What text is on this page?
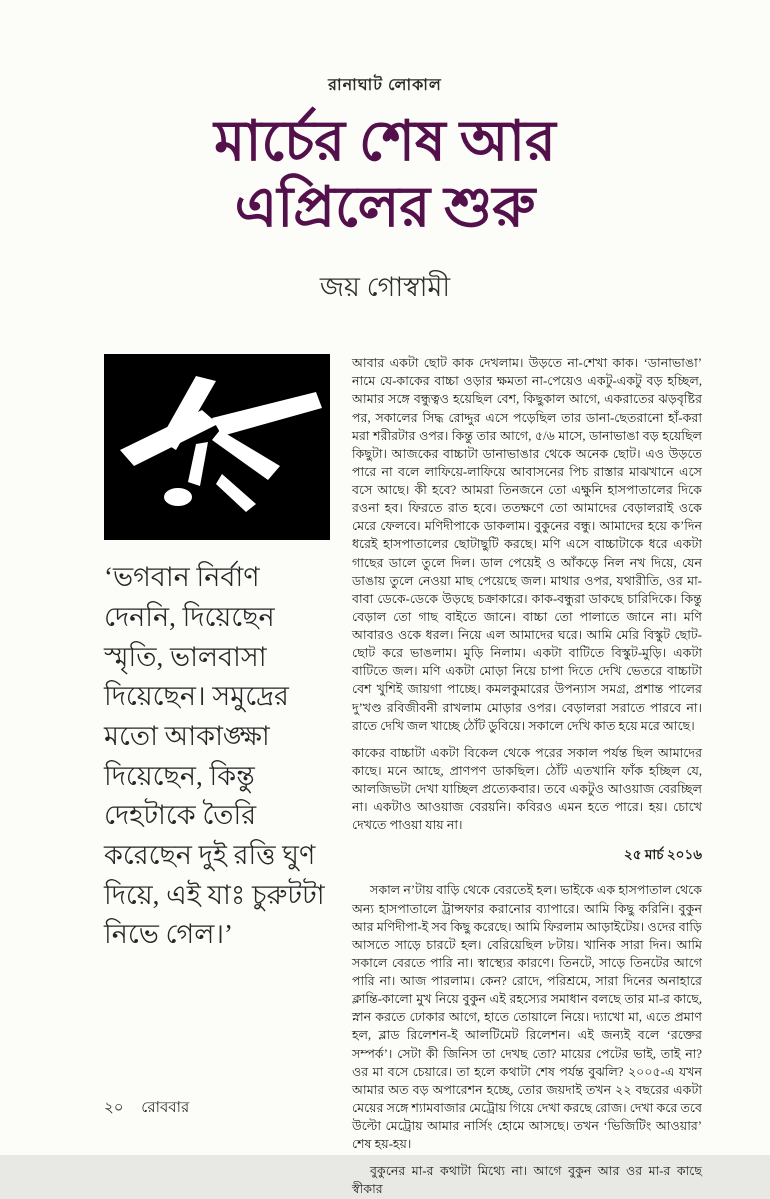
রানাঘাট লোকাল
মার্চের শেষ আর
এপ্রিলের শুরু
জয় গোস্বামী
‘ভগবান নির্বাণ দেননি, দিয়েছেন স্মৃতি, ভালবাসা দিয়েছেন। সমুদ্রের মতো আকাঙ্ক্ষা দিয়েছেন, কিন্তু দেহটাকে তৈরি করেছেন দুই রত্তি ঘুণ দিয়ে, এই যাঃ চুরুটটা নিভে গেল।’

আবার একটা ছোট কাক দেখলাম। উড়তে না-শেখা কাক। ‘ডানাভাঙা’ নামে যে-কাকের বাচ্চা ওড়ার ক্ষমতা না-পেয়েও একটু-একটু বড় হচ্ছিল, আমার সঙ্গে বন্ধুত্বও হয়েছিল বেশ, কিছুকাল আগে, একরাতের ঝড়বৃষ্টির পর, সকালের সিদ্ধ রোদ্দুর এসে পড়েছিল তার ডানা-ছেতরানো হাঁ-করা মরা শরীরটার ওপর। কিন্তু তার আগে, ৫/৬ মাসে, ডানাভাঙা বড় হয়েছিল কিছুটা। আজকের বাচ্চাটা ডানাভাঙার থেকে অনেক ছোট। এও উড়তে পারে না বলে লাফিয়ে-লাফিয়ে আবাসনের পিচ রাস্তার মাঝখানে এসে বসে আছে। কী হবে? আমরা তিনজনে তো এক্ষুনি হাসপাতালের দিকে রওনা হব। ফিরতে রাত হবে। ততক্ষণে তো আমাদের বেড়ালরাই ওকে মেরে ফেলবে। মণিদীপাকে ডাকলাম। বুকুনের বন্ধু। আমাদের হয়ে ক’দিন ধরেই হাসপাতালের ছোটাছুটি করছে। মণি এসে বাচ্চাটাকে ধরে একটা গাছের ডালে তুলে দিল। ডাল পেয়েই ও আঁকড়ে নিল নখ দিয়ে, যেন ডাঙায় তুলে নেওয়া মাছ পেয়েছে জল। মাথার ওপর, যথারীতি, ওর মা-বাবা ডেকে-ডেকে উড়ছে চক্রাকারে। কাক-বন্ধুরা ডাকছে চারিদিকে। কিন্তু বেড়াল তো গাছ বাইতে জানে। বাচ্চা তো পালাতে জানে না। মণি আবারও ওকে ধরল। নিয়ে এল আমাদের ঘরে। আমি মেরি বিস্কুট ছোট-ছোট করে ভাঙলাম। মুড়ি নিলাম। একটা বাটিতে বিস্কুট-মুড়ি। একটা বাটিতে জল। মণি একটা মোড়া নিয়ে চাপা দিতে দেখি ভেতরে বাচ্চাটা বেশ খুশিই জায়গা পাচ্ছে। কমলকুমারের উপন্যাস সমগ্র, প্রশান্ত পালের দু’খণ্ড রবিজীবনী রাখলাম মোড়ার ওপর। বেড়ালরা সরাতে পারবে না। রাতে দেখি জল খাচ্ছে ঠোঁট ডুবিয়ে। সকালে দেখি কাত হয়ে মরে আছে।

কাকের বাচ্চাটা একটা বিকেল থেকে পরের সকাল পর্যন্ত ছিল আমাদের কাছে। মনে আছে, প্রাণপণ ডাকছিল। ঠোঁট এতখানি ফাঁক হচ্ছিল যে, আলজিভটা দেখা যাচ্ছিল প্রত্যেকবার। তবে একটুও আওয়াজ বেরচ্ছিল না। একটাও আওয়াজ বেরয়নি। কবিরও এমন হতে পারে। হয়। চোখে দেখতে পাওয়া যায় না।

২৫ মার্চ ২০১৬

সকাল ন’টায় বাড়ি থেকে বেরতেই হল। ভাইকে এক হাসপাতাল থেকে অন্য হাসপাতালে ট্রান্সফার করানোর ব্যাপারে। আমি কিছু করিনি। বুকুন আর মণিদীপা-ই সব কিছু করেছে। আমি ফিরলাম আড়াইটেয়। ওদের বাড়ি আসতে সাড়ে চারটে হল। বেরিয়েছিল ৮টায়। খানিক সারা দিন। আমি সকালে বেরতে পারি না। স্বাস্থ্যের কারণে। তিনটে, সাড়ে তিনটের আগে পারি না। আজ পারলাম। কেন? রোদে, পরিশ্রমে, সারা দিনের অনাহারে ক্লান্তি-কালো মুখ নিয়ে বুকুন এই রহস্যের সমাধান বলছে তার মা-র কাছে, স্নান করতে ঢোকার আগে, হাতে তোয়ালে নিয়ে। দ্যাখো মা, এতে প্রমাণ হল, ব্লাড রিলেশন-ই আলটিমেট রিলেশন। এই জন্যই বলে ‘রক্তের সম্পর্ক’। সেটা কী জিনিস তা দেখছ তো? মায়ের পেটের ভাই, তাই না? ওর মা বসে চেয়ারে। তা হলে কথাটা শেষ পর্যন্ত বুঝলি? ২০০৫-এ যখন আমার অত বড় অপারেশন হচ্ছে, তোর জয়দাই তখন ২২ বছরের একটা মেয়ের সঙ্গে শ্যামবাজার মেট্রোয় গিয়ে দেখা করছে রোজ। দেখা করে তবে উল্টো মেট্রোয় আমার নার্সিং হোমে আসছে। তখন ‘ভিজিটিং আওয়ার’ শেষ হয়-হয়।

বুকুনের মা-র কথাটা মিথ্যে না। আগে বুকুন আর ওর মা-র কাছে স্বীকার

২০ রোববার
